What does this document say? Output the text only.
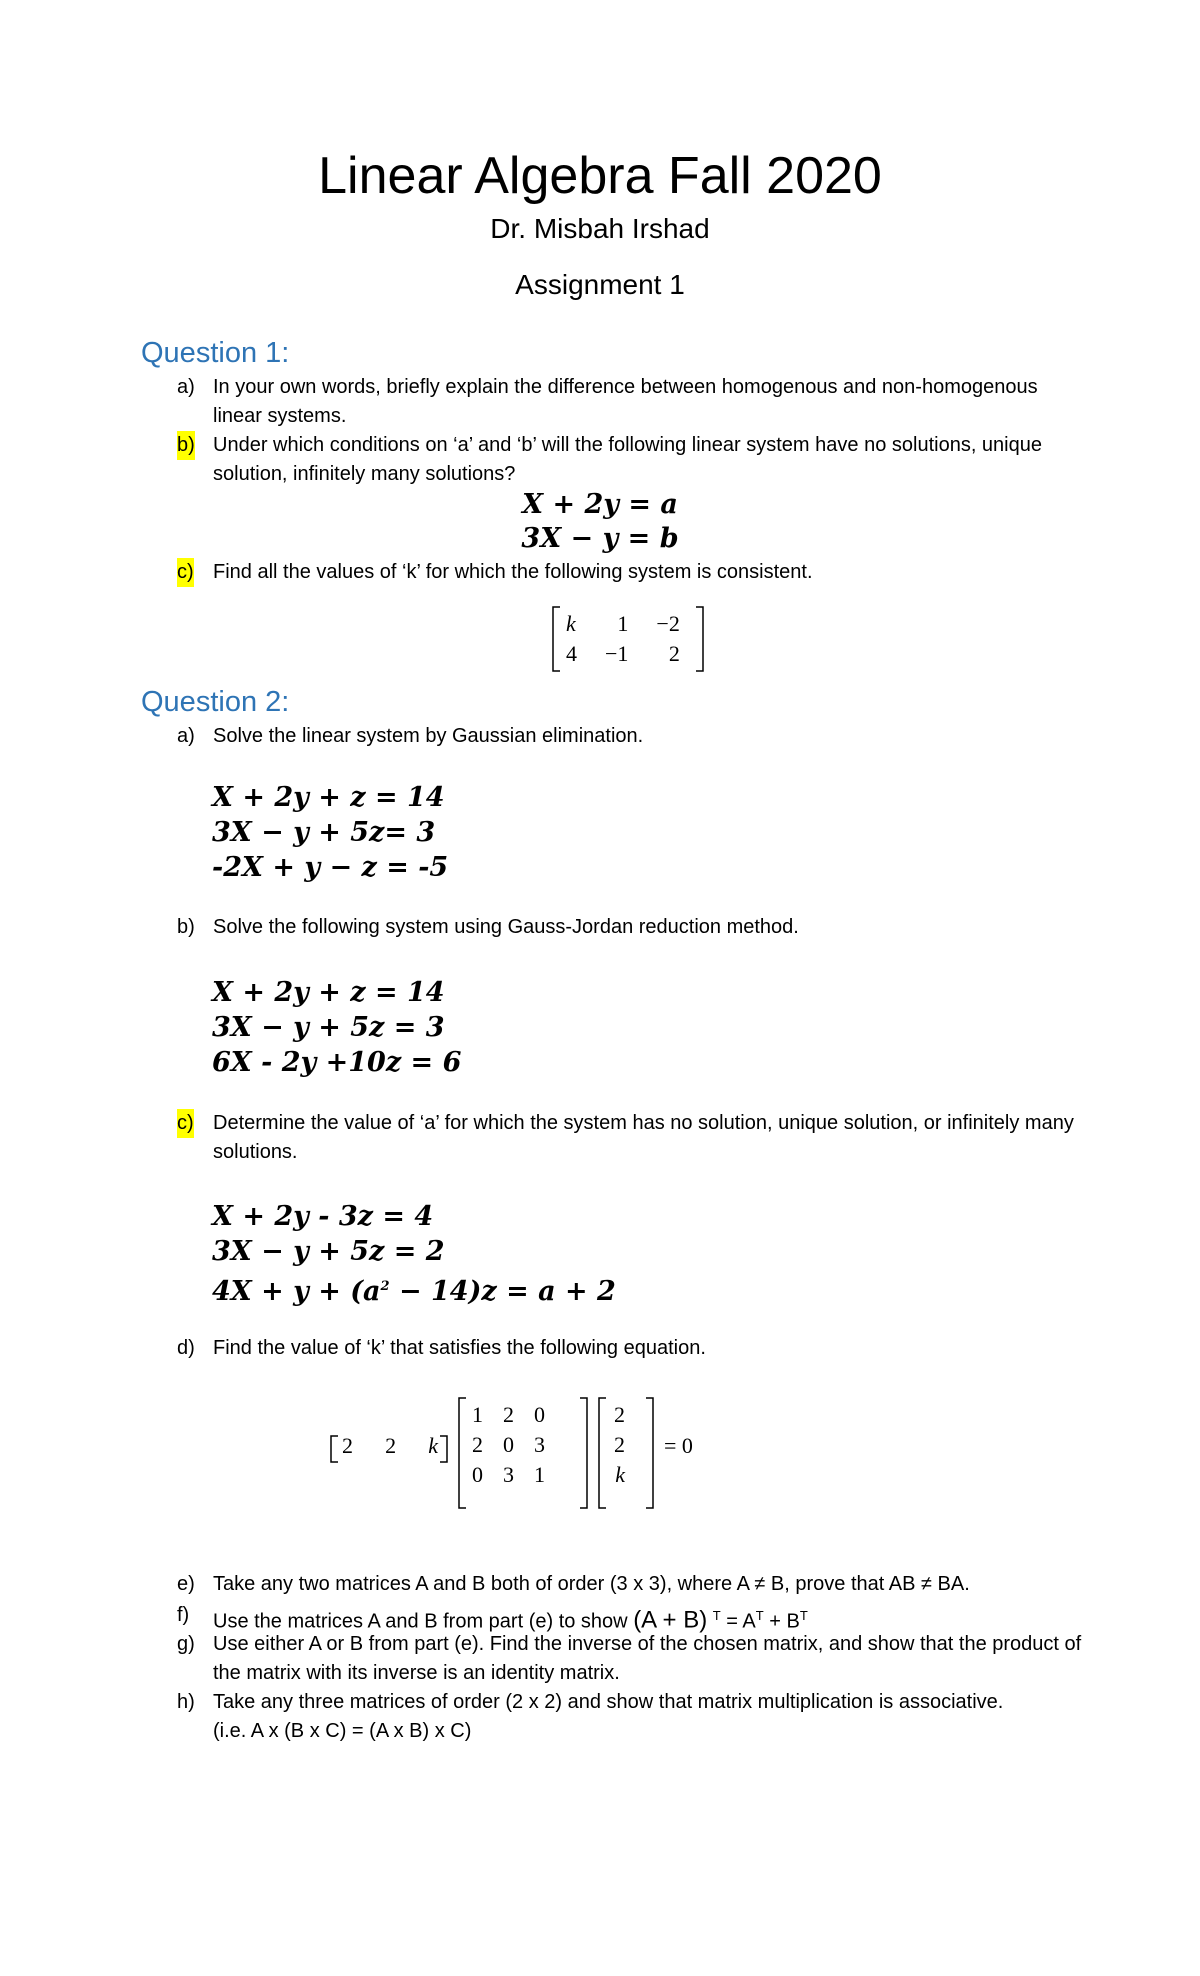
Linear Algebra Fall 2020
Dr. Misbah Irshad
Assignment 1
Question 1:
a) In your own words, briefly explain the difference between homogenous and non-homogenous linear systems.
b) Under which conditions on ‘a’ and ‘b’ will the following linear system have no solutions, unique solution, infinitely many solutions?
X + 2y = a
3X − y = b
c) Find all the values of ‘k’ for which the following system is consistent.
k	1	−2
4	−1	2
Question 2:
a) Solve the linear system by Gaussian elimination.
X + 2y + z = 14
3X − y + 5z= 3
-2X + y − z = -5
b) Solve the following system using Gauss-Jordan reduction method.
X + 2y + z = 14
3X − y + 5z = 3
6X - 2y +10z = 6
c) Determine the value of ‘a’ for which the system has no solution, unique solution, or infinitely many solutions.
X + 2y - 3z = 4
3X − y + 5z = 2
$4X + y + (a^2 - 14)z = a + 2$
d) Find the value of ‘k’ that satisfies the following equation.
2 2 k
1	2	0
2	0	3
0	3	1
2
2
k
= 0
e) Take any two matrices A and B both of order (3 x 3), where A ≠ B, prove that AB ≠ BA.
f) Use the matrices A and B from part (e) to show (A + B) $^T = A^T + B^T$
g) Use either A or B from part (e). Find the inverse of the chosen matrix, and show that the product of the matrix with its inverse is an identity matrix.
h) Take any three matrices of order (2 x 2) and show that matrix multiplication is associative.
(i.e. A x (B x C) = (A x B) x C)
